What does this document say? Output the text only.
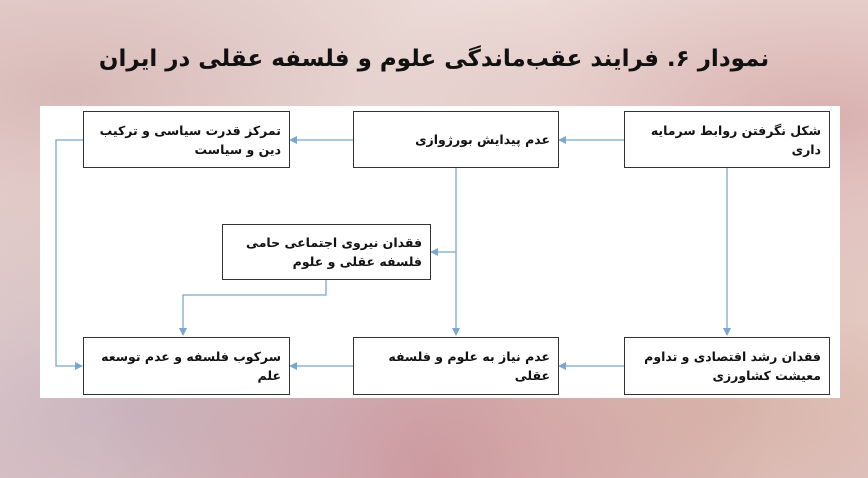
نمودار ۶. فرایند عقب‌ماندگی علوم و فلسفه عقلی در ایران
شکل نگرفتن روابط سرمایه داری
عدم پیدایش بورژوازی
تمرکز قدرت سیاسی و ترکیب دین و سیاست
فقدان نیروی اجتماعی حامی فلسفه عقلی و علوم
فقدان رشد اقتصادی و تداوم معیشت کشاورزی
عدم نیاز به علوم و فلسفه عقلی
سرکوب فلسفه و عدم توسعه علم
